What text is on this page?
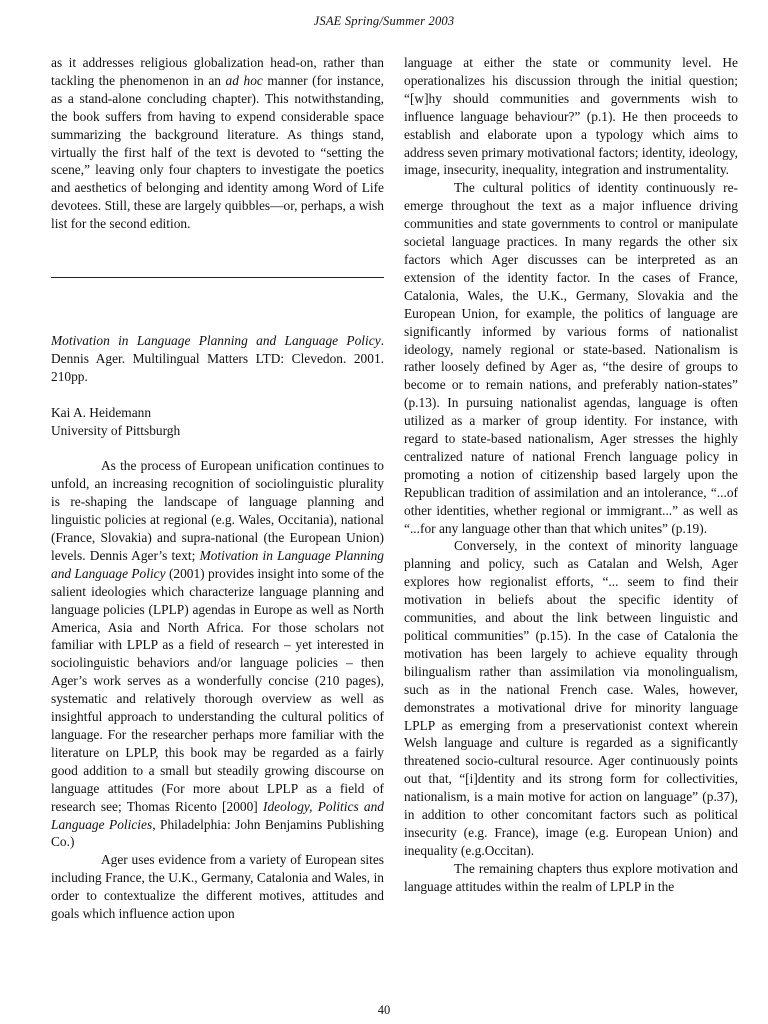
JSAE Spring/Summer 2003

as it addresses religious globalization head-on, rather than tackling the phenomenon in an ad hoc manner (for instance, as a stand-alone concluding chapter). This notwithstanding, the book suffers from having to expend considerable space summarizing the background literature. As things stand, virtually the first half of the text is devoted to “setting the scene,” leaving only four chapters to investigate the poetics and aesthetics of belonging and identity among Word of Life devotees. Still, these are largely quibbles—or, perhaps, a wish list for the second edition.

Motivation in Language Planning and Language Policy. Dennis Ager. Multilingual Matters LTD: Clevedon. 2001. 210pp.

Kai A. Heidemann

University of Pittsburgh

As the process of European unification continues to unfold, an increasing recognition of sociolinguistic plurality is re-shaping the landscape of language planning and linguistic policies at regional (e.g. Wales, Occitania), national (France, Slovakia) and supra-national (the European Union) levels. Dennis Ager’s text; Motivation in Language Planning and Language Policy (2001) provides insight into some of the salient ideologies which characterize language planning and language policies (LPLP) agendas in Europe as well as North America, Asia and North Africa. For those scholars not familiar with LPLP as a field of research – yet interested in sociolinguistic behaviors and/or language policies – then Ager’s work serves as a wonderfully concise (210 pages), systematic and relatively thorough overview as well as insightful approach to understanding the cultural politics of language. For the researcher perhaps more familiar with the literature on LPLP, this book may be regarded as a fairly good addition to a small but steadily growing discourse on language attitudes (For more about LPLP as a field of research see; Thomas Ricento [2000] Ideology, Politics and Language Policies, Philadelphia: John Benjamins Publishing Co.)

Ager uses evidence from a variety of European sites including France, the U.K., Germany, Catalonia and Wales, in order to contextualize the different motives, attitudes and goals which influence action upon

language at either the state or community level. He operationalizes his discussion through the initial question; “[w]hy should communities and governments wish to influence language behaviour?” (p.1). He then proceeds to establish and elaborate upon a typology which aims to address seven primary motivational factors; identity, ideology, image, insecurity, inequality, integration and instrumentality.

The cultural politics of identity continuously re-emerge throughout the text as a major influence driving communities and state governments to control or manipulate societal language practices. In many regards the other six factors which Ager discusses can be interpreted as an extension of the identity factor. In the cases of France, Catalonia, Wales, the U.K., Germany, Slovakia and the European Union, for example, the politics of language are significantly informed by various forms of nationalist ideology, namely regional or state-based. Nationalism is rather loosely defined by Ager as, “the desire of groups to become or to remain nations, and preferably nation-states” (p.13). In pursuing nationalist agendas, language is often utilized as a marker of group identity. For instance, with regard to state-based nationalism, Ager stresses the highly centralized nature of national French language policy in promoting a notion of citizenship based largely upon the Republican tradition of assimilation and an intolerance, “...of other identities, whether regional or immigrant...” as well as “...for any language other than that which unites” (p.19).

Conversely, in the context of minority language planning and policy, such as Catalan and Welsh, Ager explores how regionalist efforts, “... seem to find their motivation in beliefs about the specific identity of communities, and about the link between linguistic and political communities” (p.15). In the case of Catalonia the motivation has been largely to achieve equality through bilingualism rather than assimilation via monolingualism, such as in the national French case. Wales, however, demonstrates a motivational drive for minority language LPLP as emerging from a preservationist context wherein Welsh language and culture is regarded as a significantly threatened socio-cultural resource. Ager continuously points out that, “[i]dentity and its strong form for collectivities, nationalism, is a main motive for action on language” (p.37), in addition to other concomitant factors such as political insecurity (e.g. France), image (e.g. European Union) and inequality (e.g.Occitan).

The remaining chapters thus explore motivation and language attitudes within the realm of LPLP in the

40
